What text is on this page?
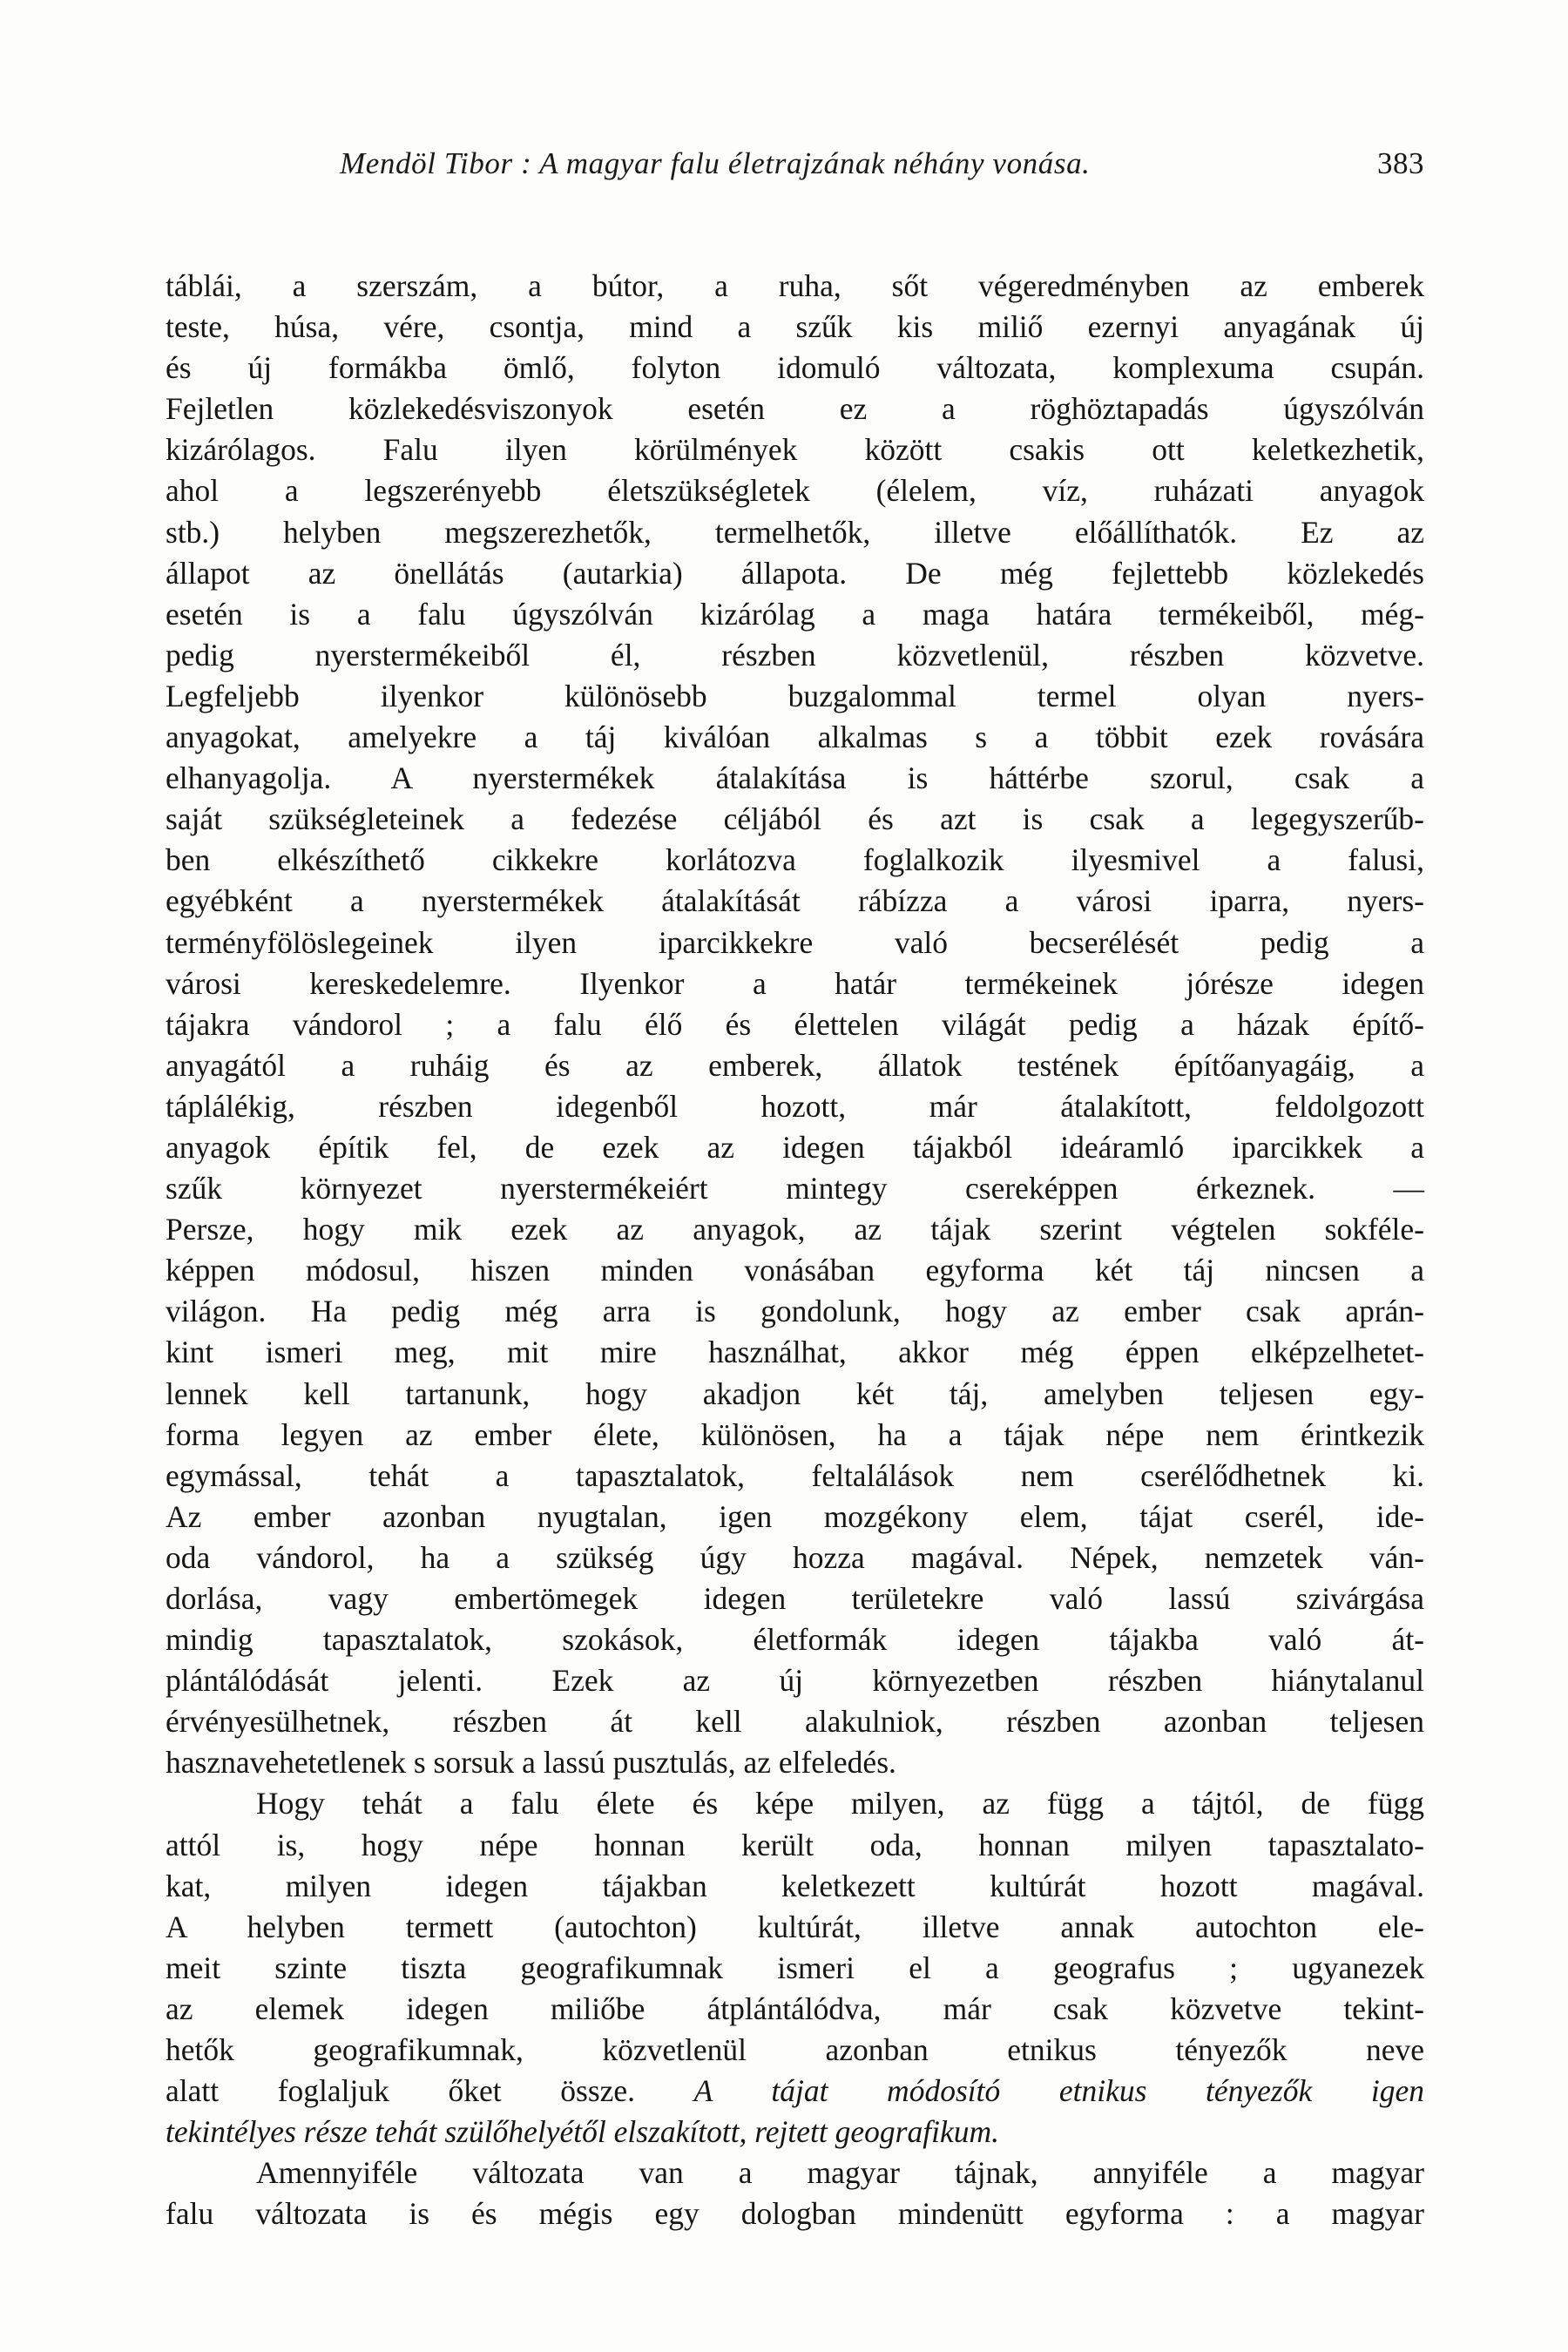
Mendöl Tibor : A magyar falu életrajzának néhány vonása.	383
táblái, a szerszám, a bútor, a ruha, sőt végeredményben az emberek
teste, húsa, vére, csontja, mind a szűk kis miliő ezernyi anyagának új
és új formákba ömlő, folyton idomuló változata, komplexuma csupán.
Fejletlen közlekedésviszonyok esetén ez a röghöztapadás úgyszólván
kizárólagos. Falu ilyen körülmények között csakis ott keletkezhetik,
ahol a legszerényebb életszükségletek (élelem, víz, ruházati anyagok
stb.) helyben megszerezhetők, termelhetők, illetve előállíthatók. Ez az
állapot az önellátás (autarkia) állapota. De még fejlettebb közlekedés
esetén is a falu úgyszólván kizárólag a maga határa termékeiből, még-
pedig nyerstermékeiből él, részben közvetlenül, részben közvetve.
Legfeljebb ilyenkor különösebb buzgalommal termel olyan nyers-
anyagokat, amelyekre a táj kiválóan alkalmas s a többit ezek rovására
elhanyagolja. A nyerstermékek átalakítása is háttérbe szorul, csak a
saját szükségleteinek a fedezése céljából és azt is csak a legegyszerűb-
ben elkészíthető cikkekre korlátozva foglalkozik ilyesmivel a falusi,
egyébként a nyerstermékek átalakítását rábízza a városi iparra, nyers-
terményfölöslegeinek ilyen iparcikkekre való becserélését pedig a
városi kereskedelemre. Ilyenkor a határ termékeinek jórésze idegen
tájakra vándorol ; a falu élő és élettelen világát pedig a házak építő-
anyagától a ruháig és az emberek, állatok testének építőanyagáig, a
táplálékig, részben idegenből hozott, már átalakított, feldolgozott
anyagok építik fel, de ezek az idegen tájakból ideáramló iparcikkek a
szűk környezet nyerstermékeiért mintegy csereképpen érkeznek. —
Persze, hogy mik ezek az anyagok, az tájak szerint végtelen sokféle-
képpen módosul, hiszen minden vonásában egyforma két táj nincsen a
világon. Ha pedig még arra is gondolunk, hogy az ember csak aprán-
kint ismeri meg, mit mire használhat, akkor még éppen elképzelhetet-
lennek kell tartanunk, hogy akadjon két táj, amelyben teljesen egy-
forma legyen az ember élete, különösen, ha a tájak népe nem érintkezik
egymással, tehát a tapasztalatok, feltalálások nem cserélődhetnek ki.
Az ember azonban nyugtalan, igen mozgékony elem, tájat cserél, ide-
oda vándorol, ha a szükség úgy hozza magával. Népek, nemzetek ván-
dorlása, vagy embertömegek idegen területekre való lassú szivárgása
mindig tapasztalatok, szokások, életformák idegen tájakba való át-
plántálódását jelenti. Ezek az új környezetben részben hiánytalanul
érvényesülhetnek, részben át kell alakulniok, részben azonban teljesen
hasznavehetetlenek s sorsuk a lassú pusztulás, az elfeledés.
Hogy tehát a falu élete és képe milyen, az függ a tájtól, de függ
attól is, hogy népe honnan került oda, honnan milyen tapasztalato-
kat, milyen idegen tájakban keletkezett kultúrát hozott magával.
A helyben termett (autochton) kultúrát, illetve annak autochton ele-
meit szinte tiszta geografikumnak ismeri el a geografus ; ugyanezek
az elemek idegen miliőbe átplántálódva, már csak közvetve tekint-
hetők geografikumnak, közvetlenül azonban etnikus tényezők neve
alatt foglaljuk őket össze. A tájat módosító etnikus tényezők igen
tekintélyes része tehát szülőhelyétől elszakított, rejtett geografikum.
Amennyiféle változata van a magyar tájnak, annyiféle a magyar
falu változata is és mégis egy dologban mindenütt egyforma : a magyar
